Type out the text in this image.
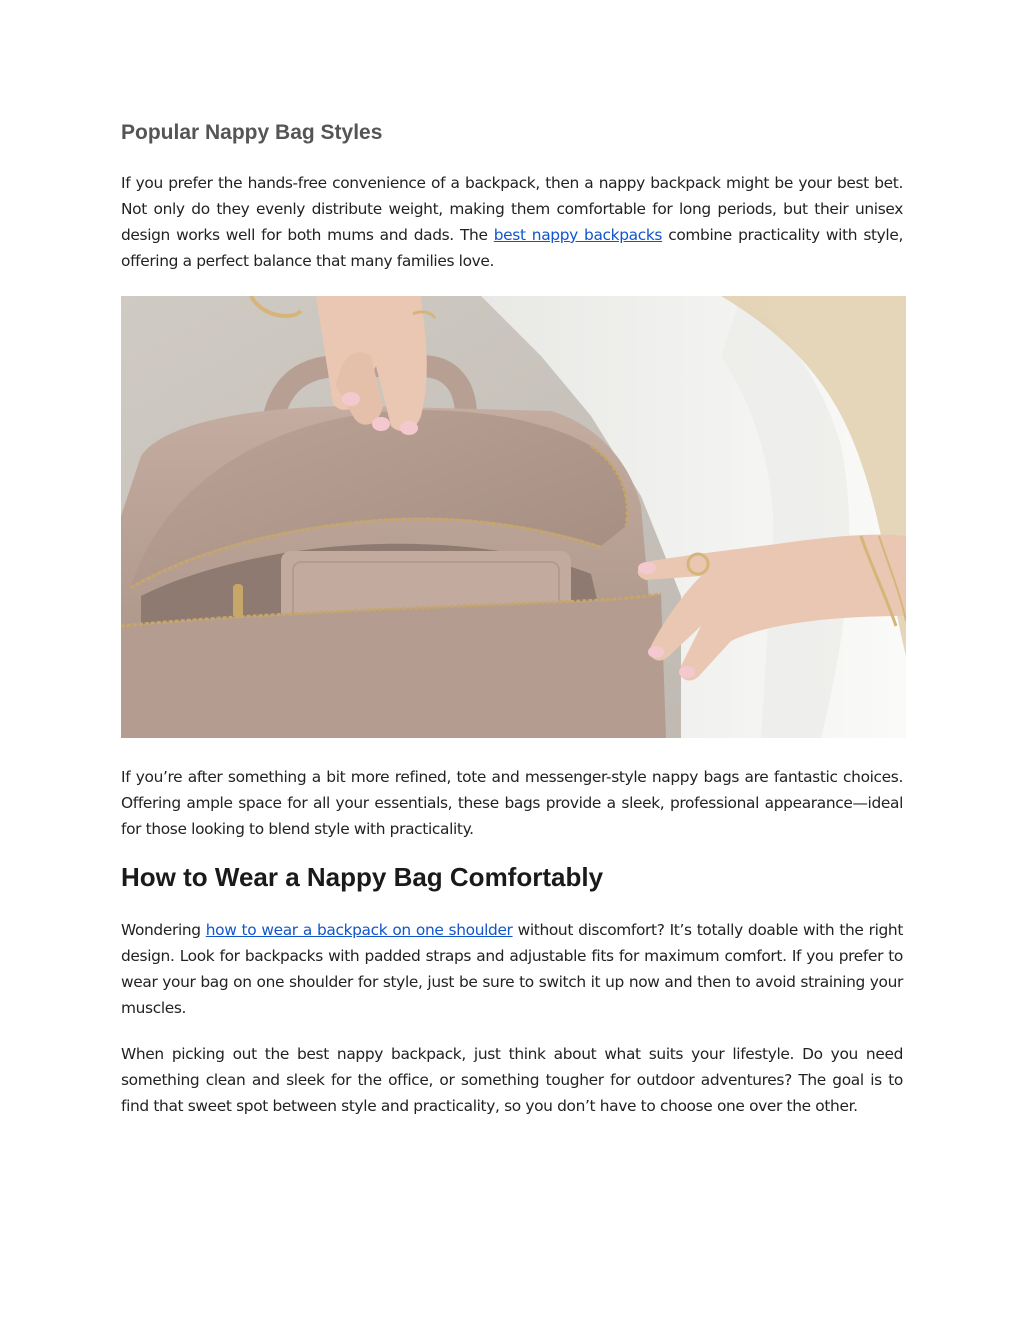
Popular Nappy Bag Styles

If you prefer the hands-free convenience of a backpack, then a nappy backpack might be your best bet. Not only do they evenly distribute weight, making them comfortable for long periods, but their unisex design works well for both mums and dads. The best nappy backpacks combine practicality with style, offering a perfect balance that many families love.

If you’re after something a bit more refined, tote and messenger-style nappy bags are fantastic choices. Offering ample space for all your essentials, these bags provide a sleek, professional appearance—ideal for those looking to blend style with practicality.

How to Wear a Nappy Bag Comfortably

Wondering how to wear a backpack on one shoulder without discomfort? It’s totally doable with the right design. Look for backpacks with padded straps and adjustable fits for maximum comfort. If you prefer to wear your bag on one shoulder for style, just be sure to switch it up now and then to avoid straining your muscles.

When picking out the best nappy backpack, just think about what suits your lifestyle. Do you need something clean and sleek for the office, or something tougher for outdoor adventures? The goal is to find that sweet spot between style and practicality, so you don’t have to choose one over the other.
